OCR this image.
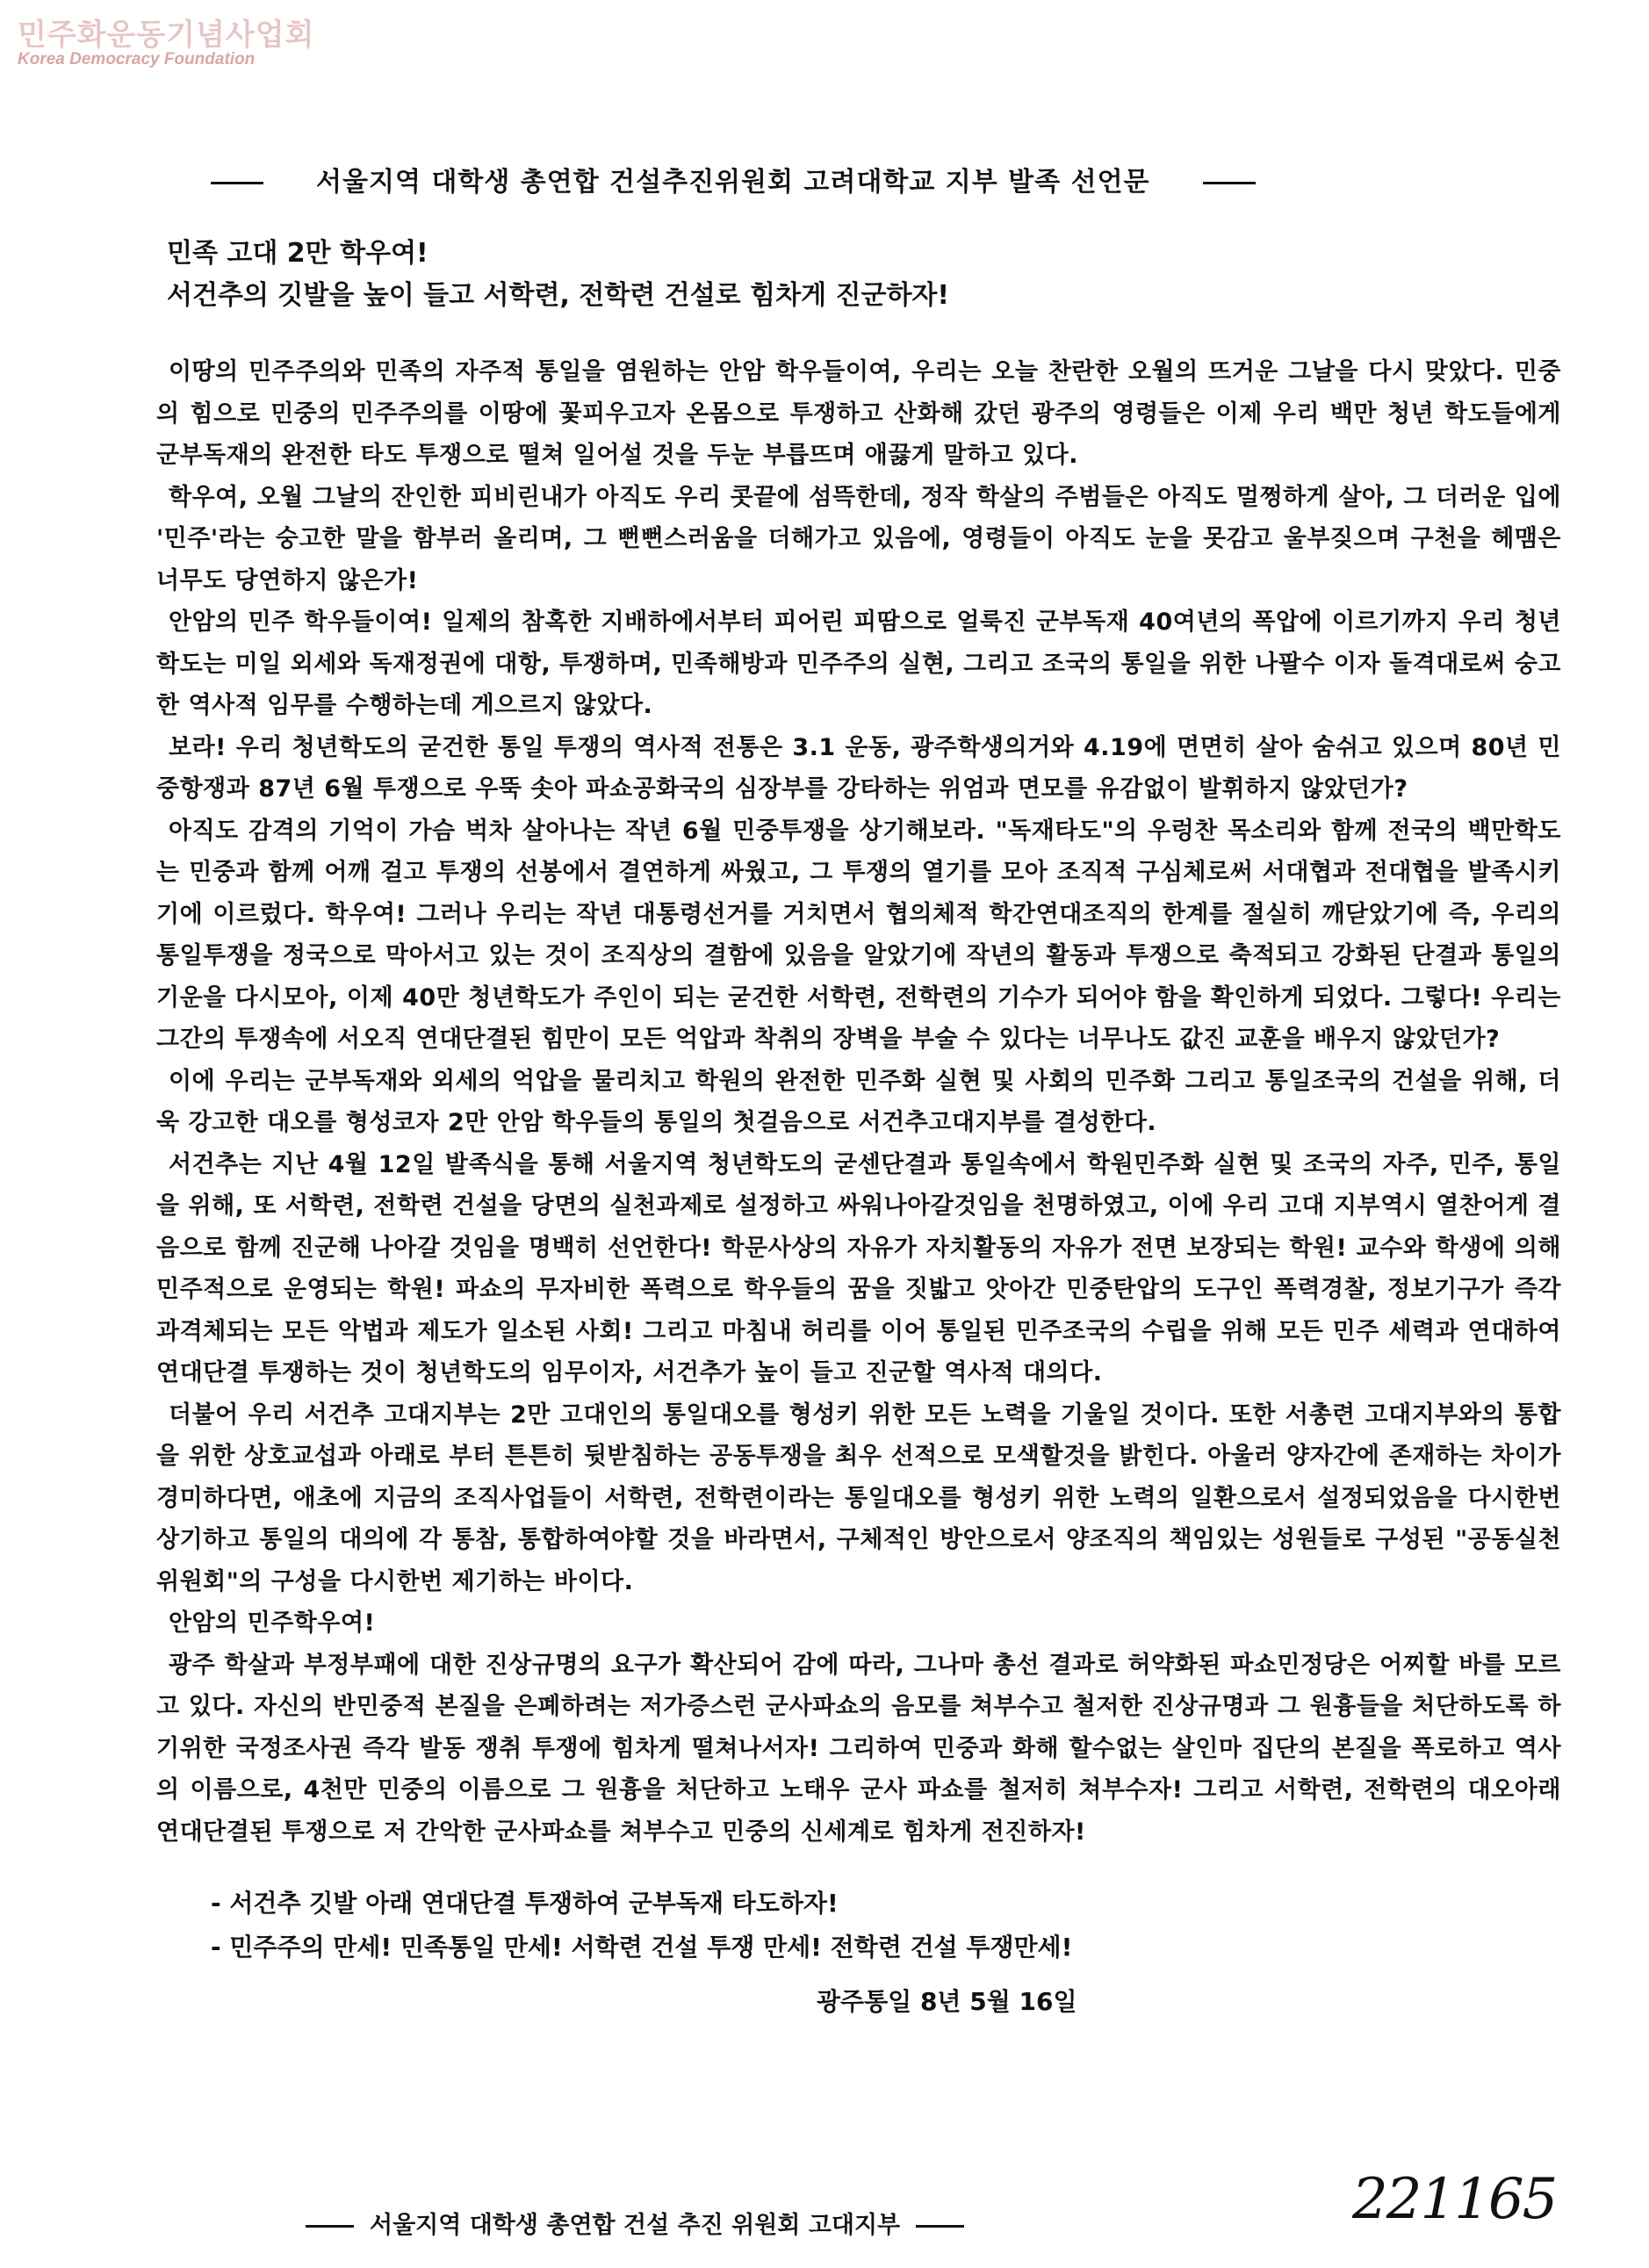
민주화운동기념사업회
Korea Democracy Foundation
서울지역 대학생 총연합 건설추진위원회 고려대학교 지부 발족 선언문
민족 고대 2만 학우여!
서건추의 깃발을 높이 들고 서학련, 전학련 건설로 힘차게 진군하자!

이땅의 민주주의와 민족의 자주적 통일을 염원하는 안암 학우들이여, 우리는 오늘 찬란한 오월의 뜨거운 그날을 다시 맞았다. 민중의 힘으로 민중의 민주주의를 이땅에 꽃피우고자 온몸으로 투쟁하고 산화해 갔던 광주의 영령들은 이제 우리 백만 청년 학도들에게 군부독재의 완전한 타도 투쟁으로 떨쳐 일어설 것을 두눈 부릅뜨며 애끓게 말하고 있다.

학우여, 오월 그날의 잔인한 피비린내가 아직도 우리 콧끝에 섬뜩한데, 정작 학살의 주범들은 아직도 멀쩡하게 살아, 그 더러운 입에 '민주'라는 숭고한 말을 함부러 올리며, 그 뻔뻔스러움을 더해가고 있음에, 영령들이 아직도 눈을 못감고 울부짖으며 구천을 헤맴은 너무도 당연하지 않은가!

안암의 민주 학우들이여! 일제의 참혹한 지배하에서부터 피어린 피땀으로 얼룩진 군부독재 40여년의 폭압에 이르기까지 우리 청년학도는 미일 외세와 독재정권에 대항, 투쟁하며, 민족해방과 민주주의 실현, 그리고 조국의 통일을 위한 나팔수 이자 돌격대로써 숭고한 역사적 임무를 수행하는데 게으르지 않았다.

보라! 우리 청년학도의 굳건한 통일 투쟁의 역사적 전통은 3.1 운동, 광주학생의거와 4.19에 면면히 살아 숨쉬고 있으며 80년 민중항쟁과 87년 6월 투쟁으로 우뚝 솟아 파쇼공화국의 심장부를 강타하는 위엄과 면모를 유감없이 발휘하지 않았던가?

아직도 감격의 기억이 가슴 벅차 살아나는 작년 6월 민중투쟁을 상기해보라. "독재타도"의 우렁찬 목소리와 함께 전국의 백만학도는 민중과 함께 어깨 걸고 투쟁의 선봉에서 결연하게 싸웠고, 그 투쟁의 열기를 모아 조직적 구심체로써 서대협과 전대협을 발족시키기에 이르렀다. 학우여! 그러나 우리는 작년 대통령선거를 거치면서 협의체적 학간연대조직의 한계를 절실히 깨닫았기에 즉, 우리의 통일투쟁을 정국으로 막아서고 있는 것이 조직상의 결함에 있음을 알았기에 작년의 활동과 투쟁으로 축적되고 강화된 단결과 통일의 기운을 다시모아, 이제 40만 청년학도가 주인이 되는 굳건한 서학련, 전학련의 기수가 되어야 함을 확인하게 되었다. 그렇다! 우리는 그간의 투쟁속에 서오직 연대단결된 힘만이 모든 억압과 착취의 장벽을 부술 수 있다는 너무나도 값진 교훈을 배우지 않았던가?

이에 우리는 군부독재와 외세의 억압을 물리치고 학원의 완전한 민주화 실현 및 사회의 민주화 그리고 통일조국의 건설을 위해, 더욱 강고한 대오를 형성코자 2만 안암 학우들의 통일의 첫걸음으로 서건추고대지부를 결성한다.

서건추는 지난 4월 12일 발족식을 통해 서울지역 청년학도의 굳센단결과 통일속에서 학원민주화 실현 및 조국의 자주, 민주, 통일을 위해, 또 서학련, 전학련 건설을 당면의 실천과제로 설정하고 싸워나아갈것임을 천명하였고, 이에 우리 고대 지부역시 열찬어게 결음으로 함께 진군해 나아갈 것임을 명백히 선언한다! 학문사상의 자유가 자치활동의 자유가 전면 보장되는 학원! 교수와 학생에 의해 민주적으로 운영되는 학원! 파쇼의 무자비한 폭력으로 학우들의 꿈을 짓밟고 앗아간 민중탄압의 도구인 폭력경찰, 정보기구가 즉각 과격체되는 모든 악법과 제도가 일소된 사회! 그리고 마침내 허리를 이어 통일된 민주조국의 수립을 위해 모든 민주 세력과 연대하여 연대단결 투쟁하는 것이 청년학도의 임무이자, 서건추가 높이 들고 진군할 역사적 대의다.

더불어 우리 서건추 고대지부는 2만 고대인의 통일대오를 형성키 위한 모든 노력을 기울일 것이다. 또한 서총련 고대지부와의 통합을 위한 상호교섭과 아래로 부터 튼튼히 뒷받침하는 공동투쟁을 최우 선적으로 모색할것을 밝힌다. 아울러 양자간에 존재하는 차이가 경미하다면, 애초에 지금의 조직사업들이 서학련, 전학련이라는 통일대오를 형성키 위한 노력의 일환으로서 설정되었음을 다시한번 상기하고 통일의 대의에 각 통참, 통합하여야할 것을 바라면서, 구체적인 방안으로서 양조직의 책임있는 성원들로 구성된 "공동실천위원회"의 구성을 다시한번 제기하는 바이다.

안암의 민주학우여!

광주 학살과 부정부패에 대한 진상규명의 요구가 확산되어 감에 따라, 그나마 총선 결과로 허약화된 파쇼민정당은 어찌할 바를 모르고 있다. 자신의 반민중적 본질을 은폐하려는 저가증스런 군사파쇼의 음모를 쳐부수고 철저한 진상규명과 그 원흉들을 처단하도록 하기위한 국정조사권 즉각 발동 쟁취 투쟁에 힘차게 떨쳐나서자! 그리하여 민중과 화해 할수없는 살인마 집단의 본질을 폭로하고 역사의 이름으로, 4천만 민중의 이름으로 그 원흉을 처단하고 노태우 군사 파쇼를 철저히 쳐부수자! 그리고 서학련, 전학련의 대오아래 연대단결된 투쟁으로 저 간악한 군사파쇼를 쳐부수고 민중의 신세계로 힘차게 전진하자!

- 서건추 깃발 아래 연대단결 투쟁하여 군부독재 타도하자!
- 민주주의 만세! 민족통일 만세! 서학련 건설 투쟁 만세! 전학련 건설 투쟁만세!
광주통일 8년 5월 16일
서울지역 대학생 총연합 건설 추진 위원회 고대지부	221165
